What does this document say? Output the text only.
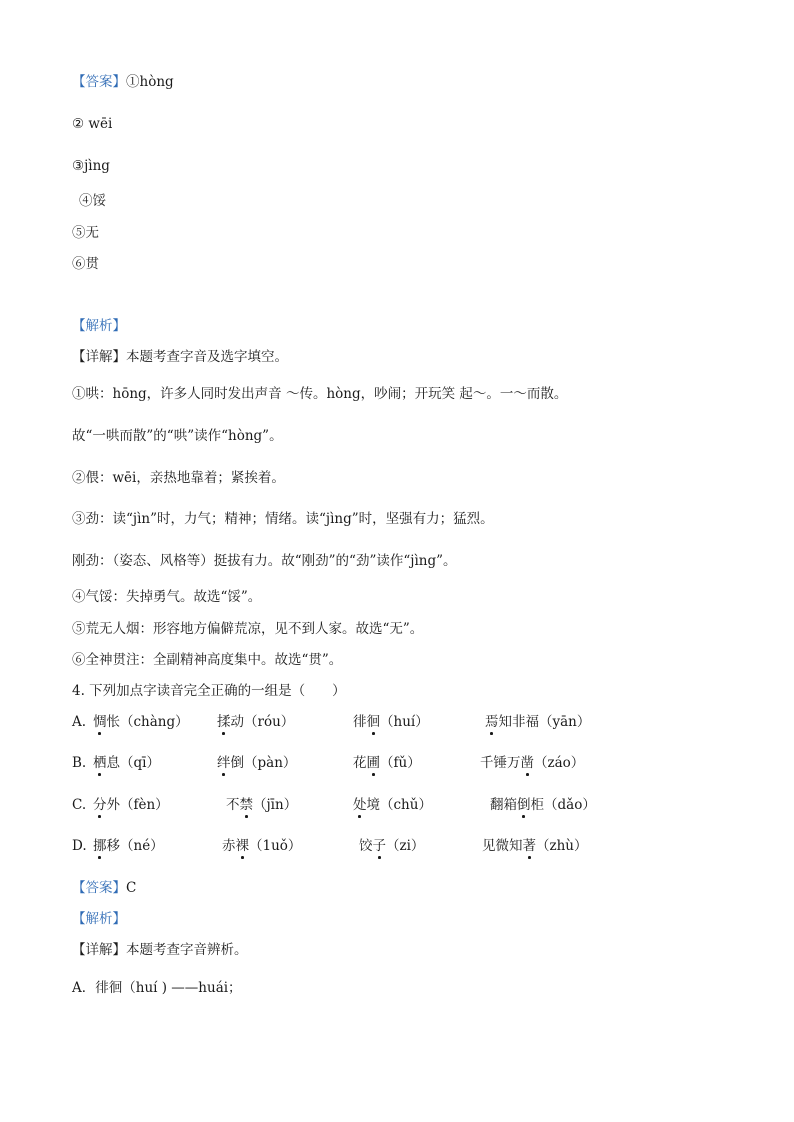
【答案】①hòng
② wēi
③jìng
④馁
⑤无
⑥贯
【解析】
【详解】本题考查字音及选字填空。
①哄：hōng，许多人同时发出声音 ～传。hòng，吵闹；开玩笑 起～。一～而散。
故“一哄而散”的“哄”读作“hòng”。
②偎：wēi，亲热地靠着；紧挨着。
③劲：读“jìn”时，力气；精神；情绪。读“jìng”时，坚强有力；猛烈。
刚劲：（姿态、风格等）挺拔有力。故“刚劲”的“劲”读作“jìng”。
④气馁：失掉勇气。故选“馁”。
⑤荒无人烟：形容地方偏僻荒凉，见不到人家。故选“无”。
⑥全神贯注：全副精神高度集中。故选“贯”。
4. 下列加点字读音完全正确的一组是（　　）
A. 惆怅（chàng） 揉动（róu）	徘徊（huí）	焉知非福（yān）
B. 栖息（qī）	绊倒（pàn）	花圃（fǔ）	千锤万凿（záo）
C. 分外（fèn）	不禁（jīn）	处境（chǔ）	翻箱倒柜（dǎo）
D. 挪移（né）	赤裸（1uǒ）	饺子（zi）	见微知著（zhù）
【答案】C
【解析】
【详解】本题考查字音辨析。
A．徘徊（huí ) ——huái；
